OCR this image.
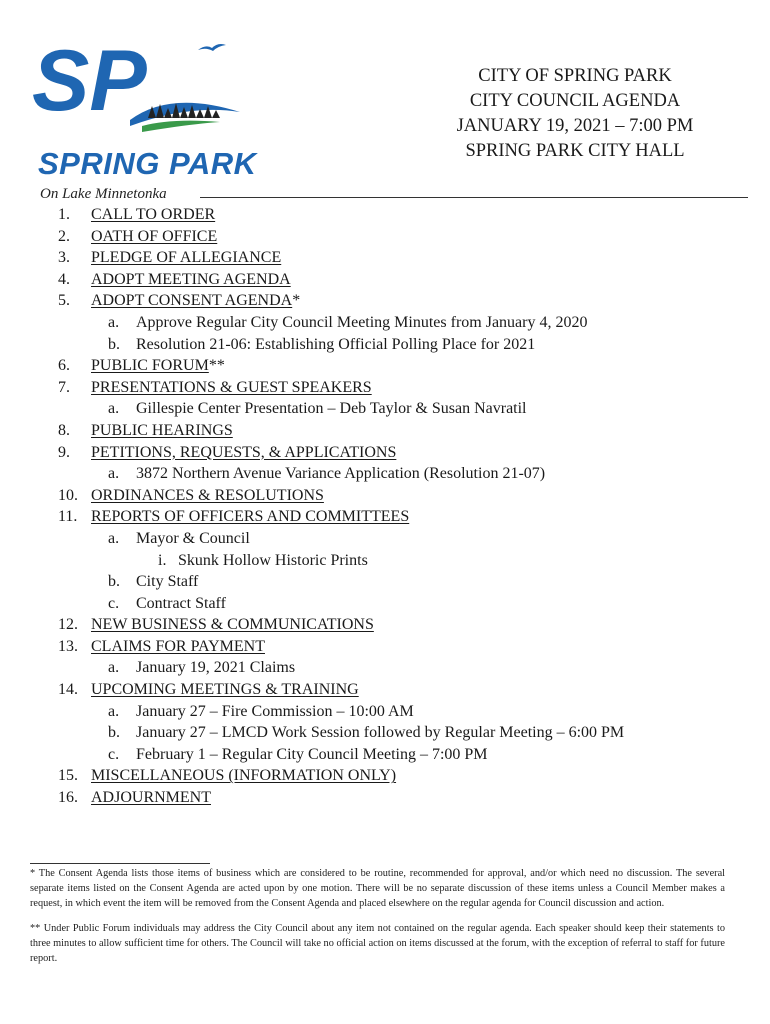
SP
SPRING PARK
On Lake Minnetonka
CITY OF SPRING PARK
CITY COUNCIL AGENDA
JANUARY 19, 2021 – 7:00 PM
SPRING PARK CITY HALL
1.	CALL TO ORDER
2.	OATH OF OFFICE
3.	PLEDGE OF ALLEGIANCE
4.	ADOPT MEETING AGENDA
5.	ADOPT CONSENT AGENDA *
a.	Approve Regular City Council Meeting Minutes from January 4, 2020
b.	Resolution 21-06: Establishing Official Polling Place for 2021
6.	PUBLIC FORUM **
7.	PRESENTATIONS & GUEST SPEAKERS
a.	Gillespie Center Presentation – Deb Taylor & Susan Navratil
8.	PUBLIC HEARINGS
9.	PETITIONS, REQUESTS, & APPLICATIONS
a.	3872 Northern Avenue Variance Application (Resolution 21-07)
10. ORDINANCES & RESOLUTIONS
11. REPORTS OF OFFICERS AND COMMITTEES
a.	Mayor & Council
i. Skunk Hollow Historic Prints
b.	City Staff
c.	Contract Staff
12. NEW BUSINESS & COMMUNICATIONS
13. CLAIMS FOR PAYMENT
a.	January 19, 2021 Claims
14. UPCOMING MEETINGS & TRAINING
a.	January 27 – Fire Commission – 10:00 AM
b.	January 27 – LMCD Work Session followed by Regular Meeting – 6:00 PM
c.	February 1 – Regular City Council Meeting – 7:00 PM
15. MISCELLANEOUS (INFORMATION ONLY)
16. ADJOURNMENT

* The Consent Agenda lists those items of business which are considered to be routine, recommended for approval, and/or which need no discussion. The several separate items listed on the Consent Agenda are acted upon by one motion. There will be no separate discussion of these items unless a Council Member makes a request, in which event the item will be removed from the Consent Agenda and placed elsewhere on the regular agenda for Council discussion and action.

** Under Public Forum individuals may address the City Council about any item not contained on the regular agenda. Each speaker should keep their statements to three minutes to allow sufficient time for others. The Council will take no official action on items discussed at the forum, with the exception of referral to staff for future report.
